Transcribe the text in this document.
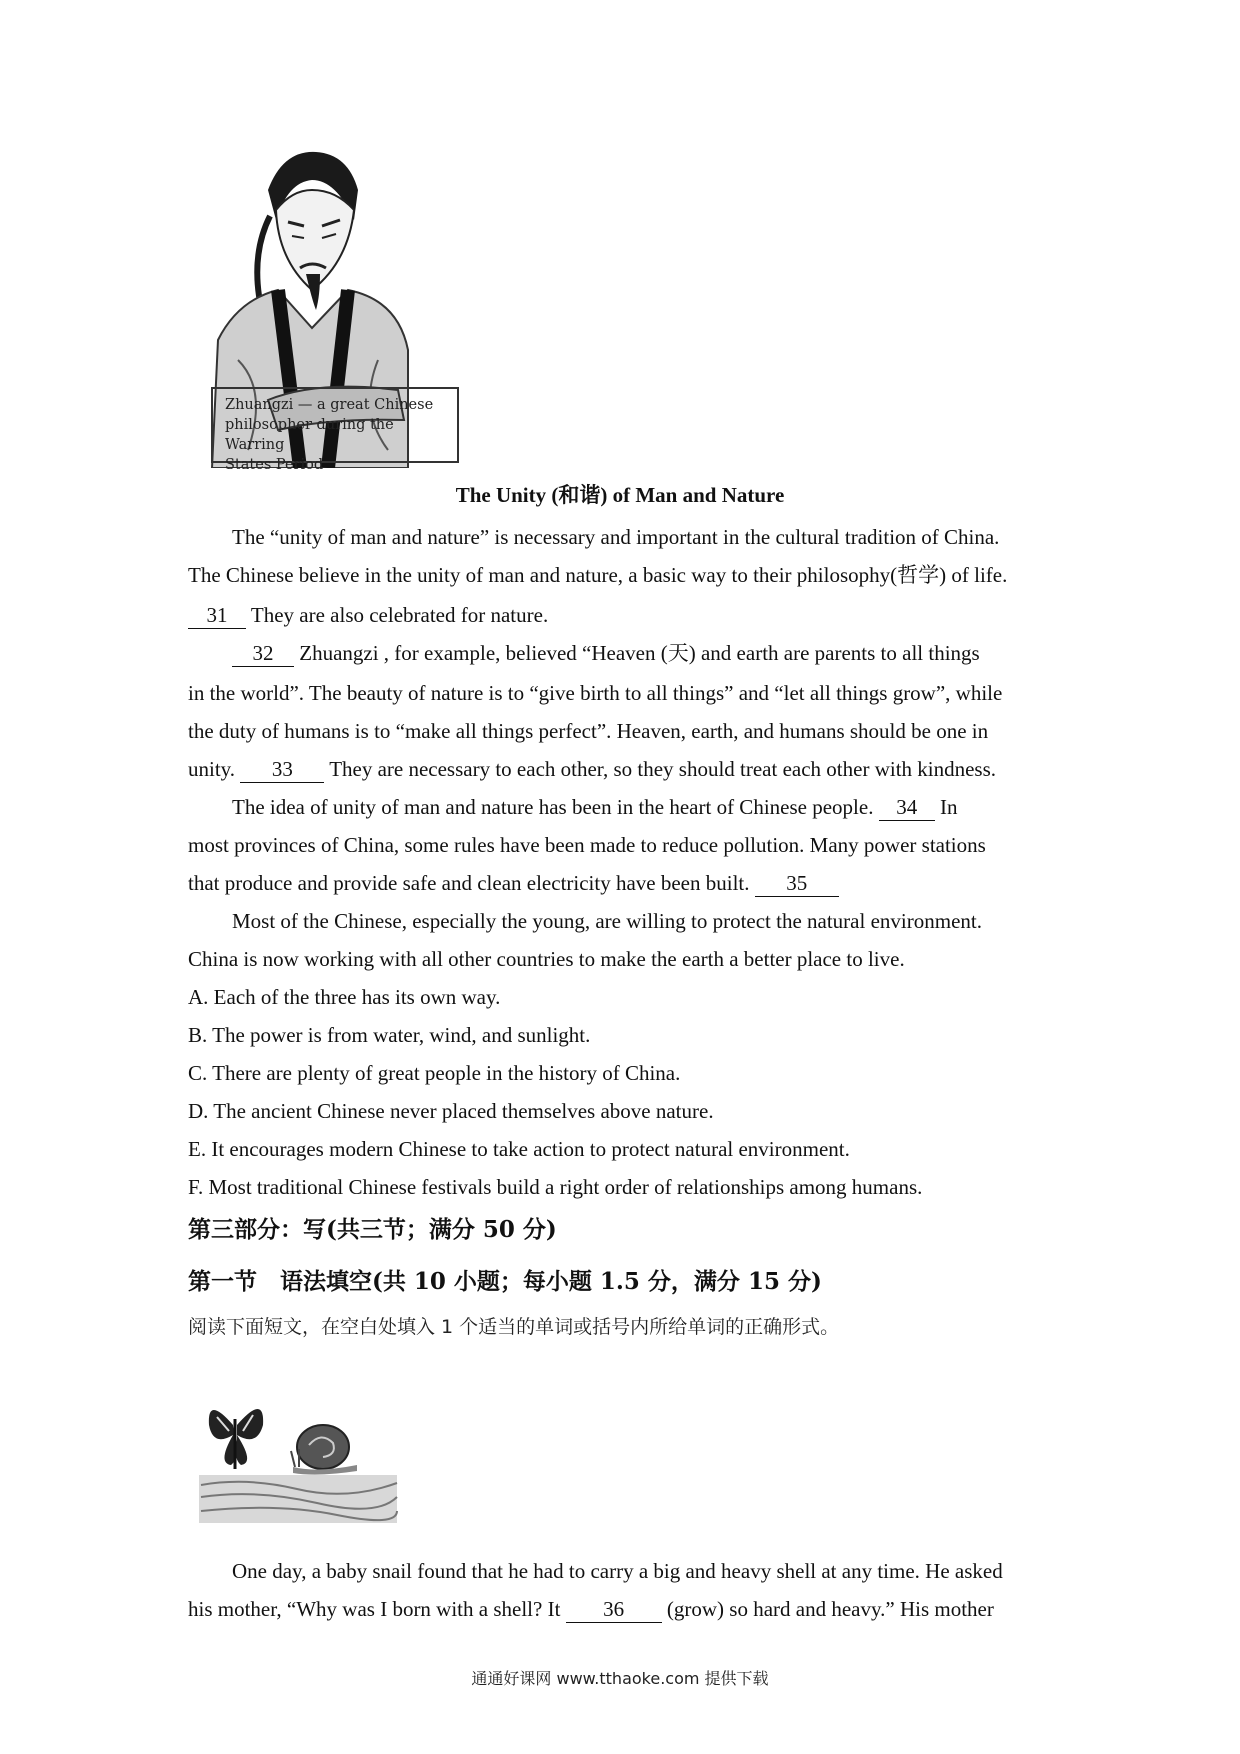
Zhuangzi — a great Chinese
philosopher during the Warring
States Period
The Unity (和谐) of Man and Nature
The “unity of man and nature” is necessary and important in the cultural tradition of China.
The Chinese believe in the unity of man and nature, a basic way to their philosophy(哲学) of life.
31 They are also celebrated for nature.
32 Zhuangzi , for example, believed “Heaven (天) and earth are parents to all things
in the world”. The beauty of nature is to “give birth to all things” and “let all things grow”, while
the duty of humans is to “make all things perfect”. Heaven, earth, and humans should be one in
unity. 33 They are necessary to each other, so they should treat each other with kindness.
The idea of unity of man and nature has been in the heart of Chinese people. 34 In
most provinces of China, some rules have been made to reduce pollution. Many power stations
that produce and provide safe and clean electricity have been built. 35
Most of the Chinese, especially the young, are willing to protect the natural environment.
China is now working with all other countries to make the earth a better place to live.
A. Each of the three has its own way.
B. The power is from water, wind, and sunlight.
C. There are plenty of great people in the history of China.
D. The ancient Chinese never placed themselves above nature.
E. It encourages modern Chinese to take action to protect natural environment.
F. Most traditional Chinese festivals build a right order of relationships among humans.
第三部分：写(共三节；满分 50 分)
第一节　语法填空(共 10 小题；每小题 1.5 分，满分 15 分)
阅读下面短文，在空白处填入 1 个适当的单词或括号内所给单词的正确形式。
One day, a baby snail found that he had to carry a big and heavy shell at any time. He asked
his mother, “Why was I born with a shell? It 36 (grow) so hard and heavy.” His mother
通通好课网 www.tthaoke.com 提供下载
